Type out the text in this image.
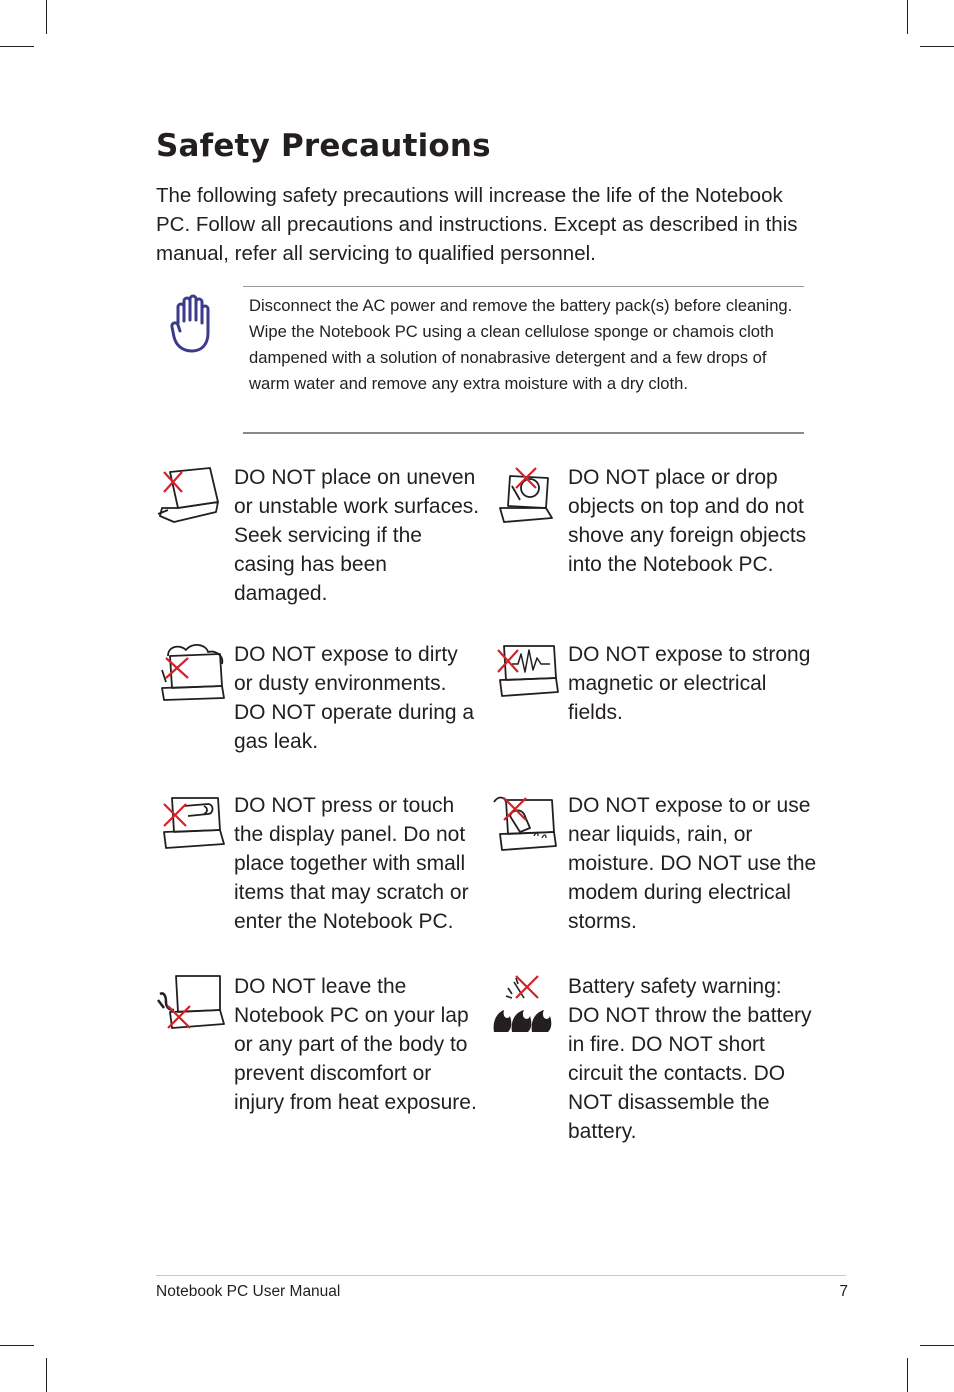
Safety Precautions

The following safety precautions will increase the life of the Notebook PC. Follow all precautions and instructions. Except as described in this manual, refer all servicing to qualified personnel.

Disconnect the AC power and remove the battery pack(s) before cleaning. Wipe the Notebook PC using a clean cellulose sponge or chamois cloth dampened with a solution of nonabrasive detergent and a few drops of warm water and remove any extra moisture with a dry cloth.

DO NOT place on uneven or unstable work surfaces. Seek servicing if the casing has been damaged.

DO NOT place or drop objects on top and do not shove any foreign objects into the Notebook PC.

DO NOT expose to dirty or dusty environments. DO NOT operate during a gas leak.

DO NOT expose to strong magnetic or electrical fields.

DO NOT press or touch the display panel. Do not place together with small items that may scratch or enter the Notebook PC.

DO NOT expose to or use near liquids, rain, or moisture. DO NOT use the modem during electrical storms.

DO NOT leave the Notebook PC on your lap or any part of the body to prevent discomfort or injury from heat exposure.

Battery safety warning: DO NOT throw the battery in fire. DO NOT short circuit the contacts. DO NOT disassemble the battery.

Notebook PC User Manual	7
